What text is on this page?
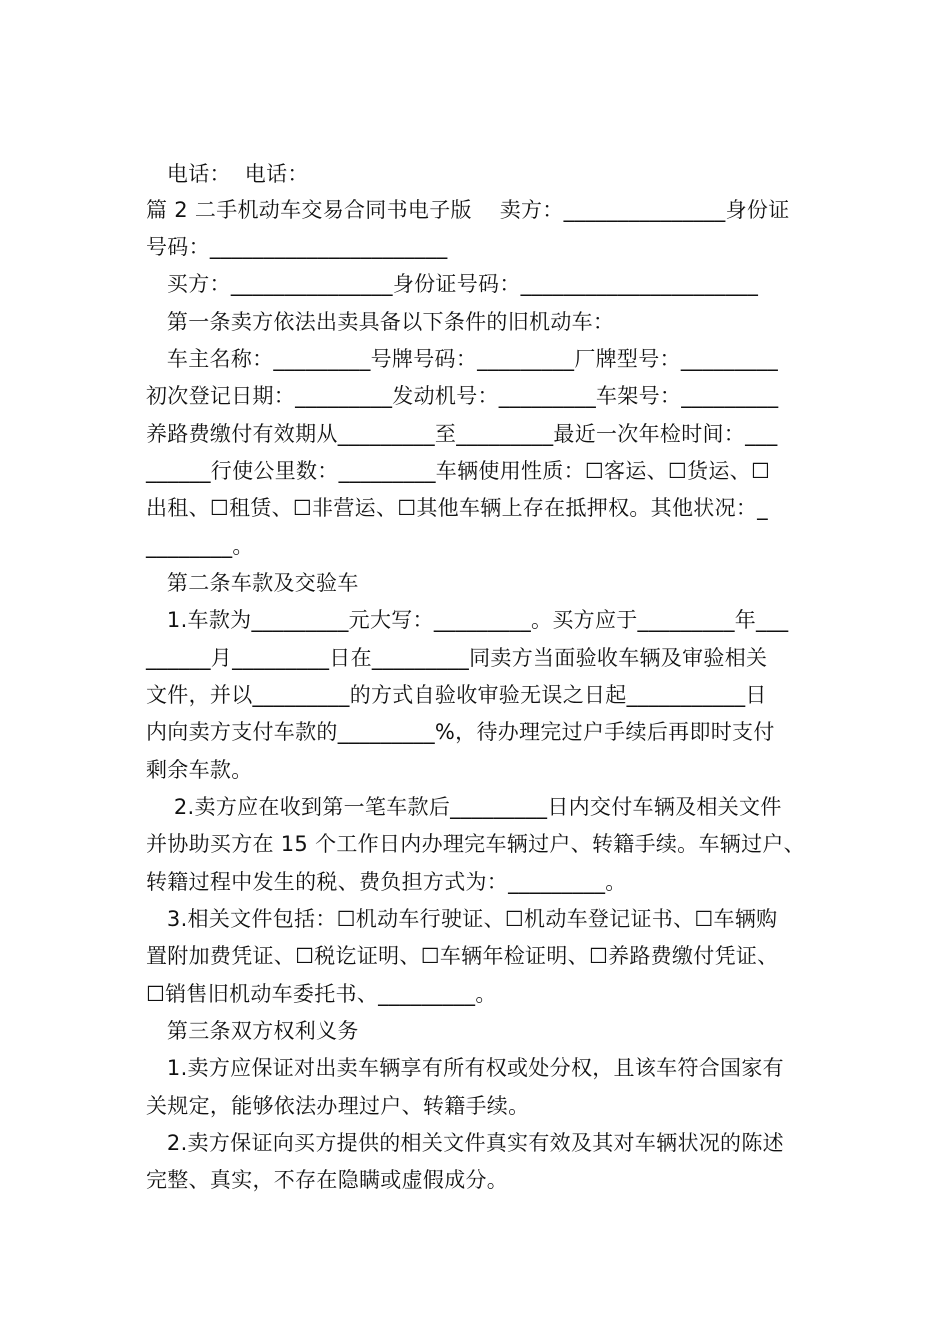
电话：  电话：
篇 2 二手机动车交易合同书电子版    卖方：_______________身份证
号码：______________________
买方：_______________身份证号码：______________________
第一条卖方依法出卖具备以下条件的旧机动车：
车主名称：_________号牌号码：_________厂牌型号：_________
初次登记日期：_________发动机号：_________车架号：_________
养路费缴付有效期从_________至_________最近一次年检时间：___
______行使公里数：_________车辆使用性质：☐客运、☐货运、☐
出租、☐租赁、☐非营运、☐其他车辆上存在抵押权。其他状况：_
________。
第二条车款及交验车
1.车款为_________元大写：_________。买方应于_________年___
______月_________日在_________同卖方当面验收车辆及审验相关
文件，并以_________的方式自验收审验无误之日起___________日
内向卖方支付车款的_________%，待办理完过户手续后再即时支付
剩余车款。
2.卖方应在收到第一笔车款后_________日内交付车辆及相关文件
并协助买方在 15 个工作日内办理完车辆过户、转籍手续。车辆过户、
转籍过程中发生的税、费负担方式为：_________。
3.相关文件包括：☐机动车行驶证、☐机动车登记证书、☐车辆购
置附加费凭证、☐税讫证明、☐车辆年检证明、☐养路费缴付凭证、
☐销售旧机动车委托书、_________。
第三条双方权利义务
1.卖方应保证对出卖车辆享有所有权或处分权，且该车符合国家有
关规定，能够依法办理过户、转籍手续。
2.卖方保证向买方提供的相关文件真实有效及其对车辆状况的陈述
完整、真实，不存在隐瞒或虚假成分。
